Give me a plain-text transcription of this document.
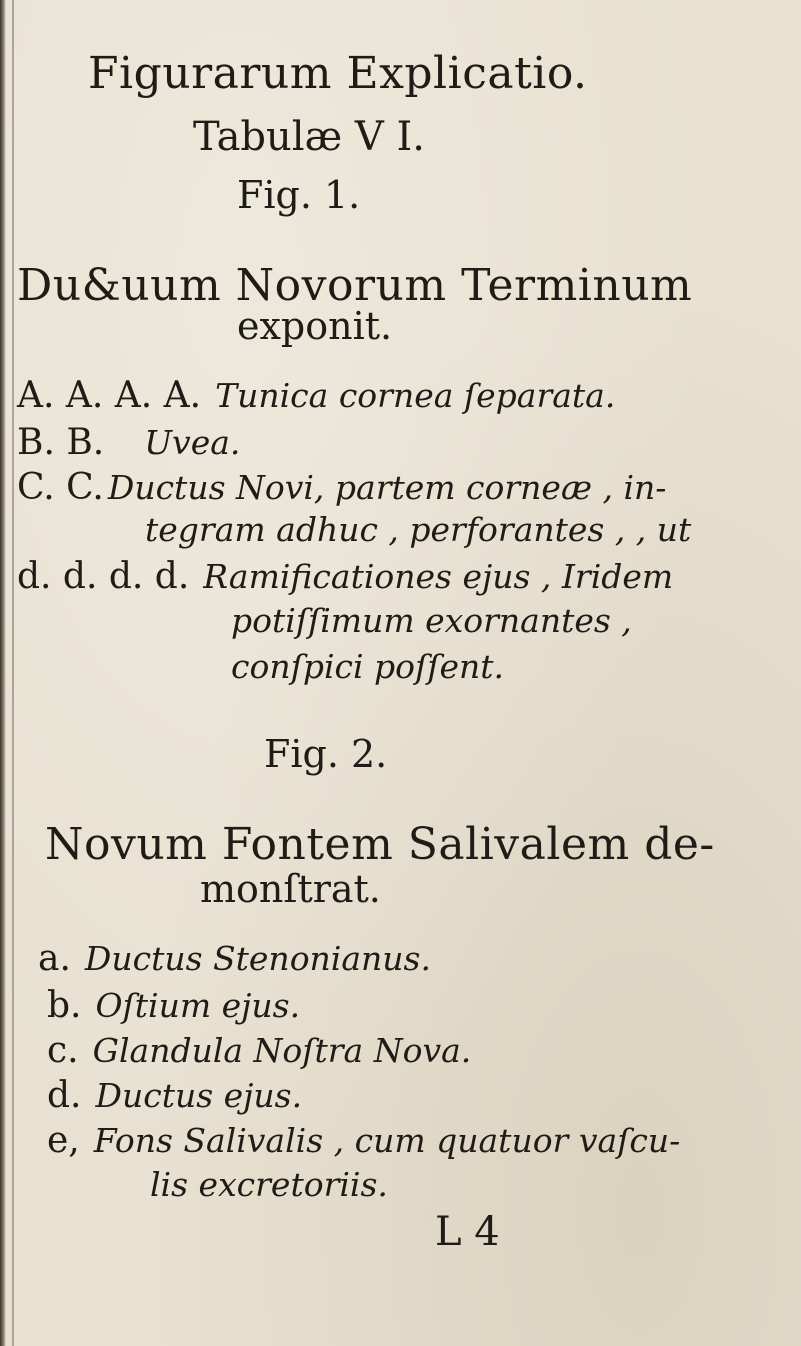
Figurarum Explicatio.
Tabulæ V I.
Fig. 1.
Du&uum Novorum Terminum
exponit.
A. A. A. A. Tunica cornea ſeparata.
B. B. Uvea.
C. C. Ductus Novi, partem corneæ , in-
tegram adhuc , perforantes , , ut
d. d. d. d. Ramificationes ejus , Iridem
potiſſimum exornantes ,
conſpici poſſent.
Fig. 2.
Novum Fontem Salivalem de-
monſtrat.
a. Ductus Stenonianus.
b. Oſtium ejus.
c. Glandula Noſtra Nova.
d. Ductus ejus.
e, Fons Salivalis , cum quatuor vaſcu-
lis excretoriis.
L 4
